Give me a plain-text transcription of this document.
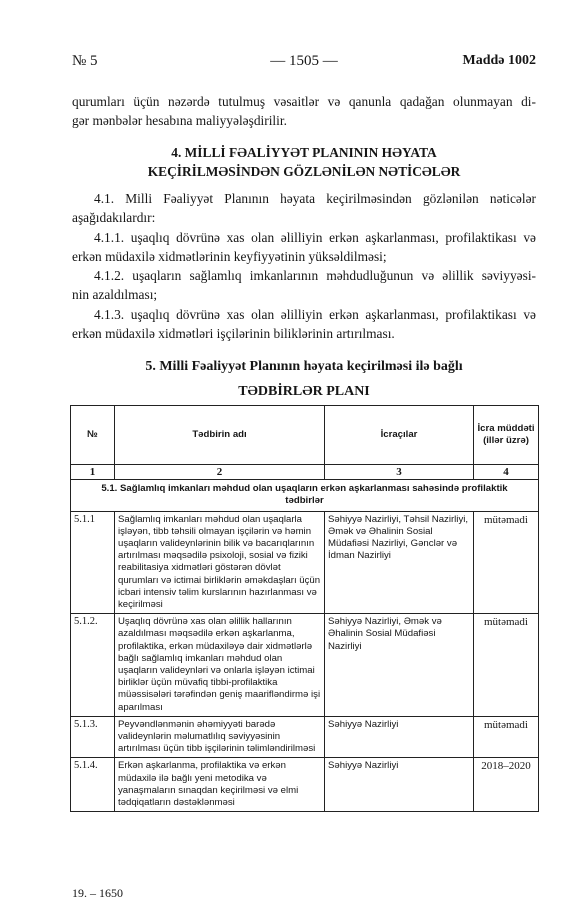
№ 5	— 1505 —	Maddə 1002
qurumları üçün nəzərdə tutulmuş vəsaitlər və qanunla qadağan olunmayan di-
gər mənbələr hesabına maliyyələşdirilir.
4. MİLLİ FƏALİYYƏT PLANININ HƏYATA
KEÇİRİLMƏSİNDƏN GÖZLƏNİLƏN NƏTİCƏLƏR
4.1. Milli Fəaliyyət Planının həyata keçirilməsindən gözlənilən nəticələr
aşağıdakılardır:
4.1.1. uşaqlıq dövrünə xas olan əlilliyin erkən aşkarlanması, profilaktikası və
erkən müdaxilə xidmətlərinin keyfiyyətinin yüksəldilməsi;
4.1.2. uşaqların sağlamlıq imkanlarının məhdudluğunun və əlillik səviyyəsi-
nin azaldılması;
4.1.3. uşaqlıq dövrünə xas olan əlilliyin erkən aşkarlanması, profilaktikası və
erkən müdaxilə xidmətləri işçilərinin biliklərinin artırılması.
5. Milli Fəaliyyət Planının həyata keçirilməsi ilə bağlı
TƏDBİRLƏR PLANI
№	Tədbirin adı	İcraçılar	İcra müddəti (illər üzrə)
1	2	3	4
5.1. Sağlamlıq imkanları məhdud olan uşaqların erkən aşkarlanması sahəsində profilaktik tədbirlər			
5.1.1	Sağlamlıq imkanları məhdud olan uşaqlarla işləyən, tibb təhsili olmayan işçilərin və həmin uşaqların valideynlərinin bilik və bacarıqlarının artırılması məqsədilə psixoloji, sosial və fiziki reabilitasiya xidmətləri göstərən dövlət qurumları və ictimai birliklərin əməkdaşları üçün icbari intensiv təlim kurslarının hazırlanması və keçirilməsi	Səhiyyə Nazirliyi, Təhsil Nazirliyi, Əmək və Əhalinin Sosial Müdafiəsi Nazirliyi, Gənclər və İdman Nazirliyi	mütəmadi
5.1.2.	Uşaqlıq dövrünə xas olan əlillik hallarının azaldılması məqsədilə erkən aşkarlanma, profilaktika, erkən müdaxiləyə dair xidmətlərlə bağlı sağlamlıq imkanları məhdud olan uşaqların valideynləri və onlarla işləyən ictimai birliklər üçün müvafiq tibbi-profilaktika müəssisələri tərəfindən geniş maarifləndirmə işi aparılması	Səhiyyə Nazirliyi, Əmək və Əhalinin Sosial Müdafiəsi Nazirliyi	mütəmadi
5.1.3.	Peyvəndlənmənin əhəmiyyəti barədə valideynlərin məlumatlılıq səviyyəsinin artırılması üçün tibb işçilərinin təlimləndirilməsi	Səhiyyə Nazirliyi	mütəmadi
5.1.4.	Erkən aşkarlanma, profilaktika və erkən müdaxilə ilə bağlı yeni metodika və yanaşmaların sınaqdan keçirilməsi və elmi tədqiqatların dəstəklənməsi	Səhiyyə Nazirliyi	2018–2020
19. – 1650
